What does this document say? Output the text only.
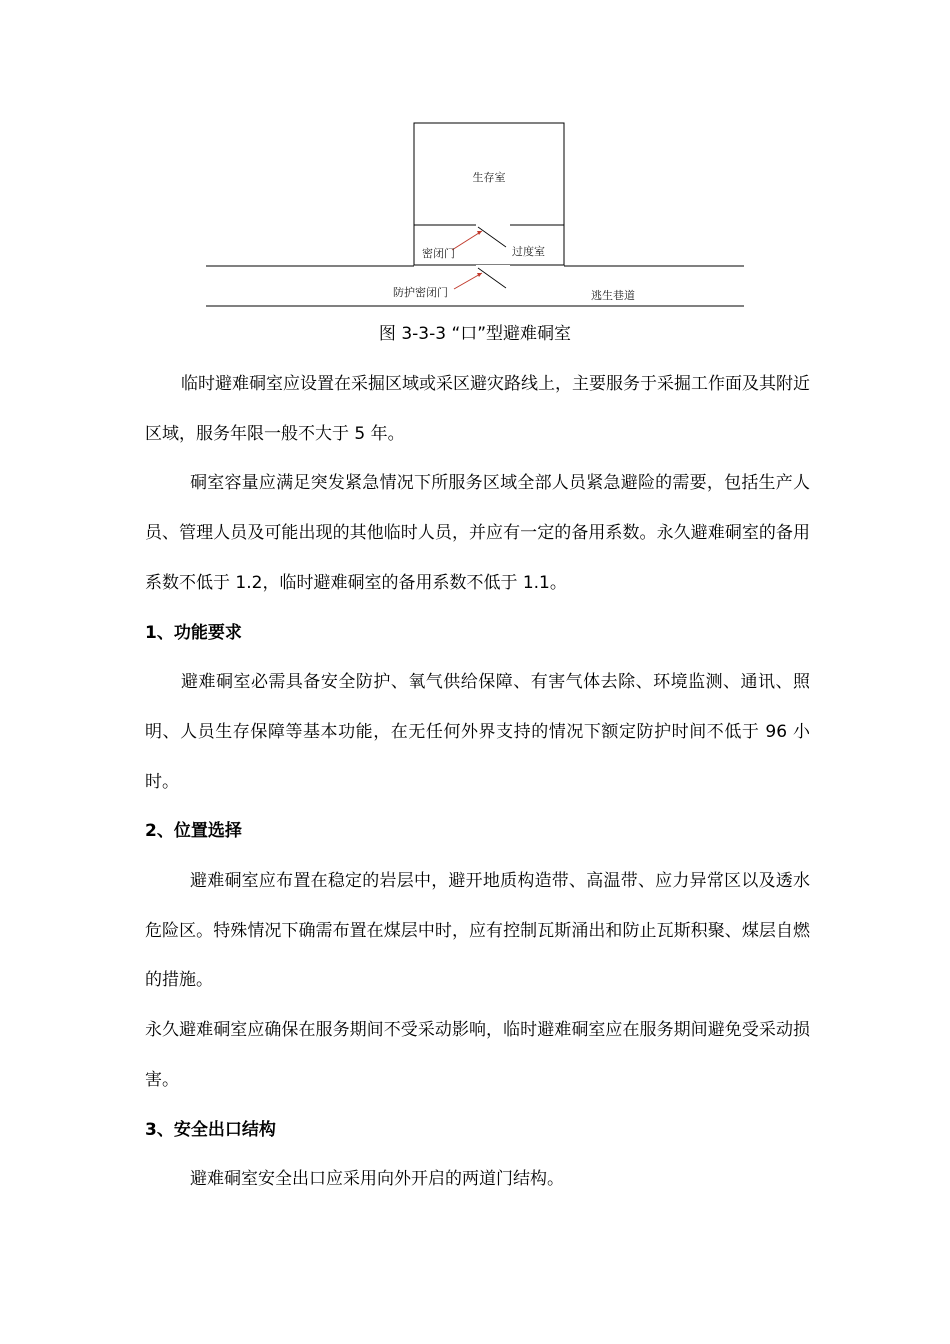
生存室
密闭门	过度室
防护密闭门	逃生巷道
图 3-3-3 “口”型避难硐室

临时避难硐室应设置在采掘区域或采区避灾路线上，主要服务于采掘工作面及其附近区域，服务年限一般不大于 5 年。

硐室容量应满足突发紧急情况下所服务区域全部人员紧急避险的需要，包括生产人员、管理人员及可能出现的其他临时人员，并应有一定的备用系数。永久避难硐室的备用系数不低于 1.2，临时避难硐室的备用系数不低于 1.1。

1、功能要求

避难硐室必需具备安全防护、氧气供给保障、有害气体去除、环境监测、通讯、照明、人员生存保障等基本功能，在无任何外界支持的情况下额定防护时间不低于 96 小时。

2、位置选择

避难硐室应布置在稳定的岩层中，避开地质构造带、高温带、应力异常区以及透水危险区。特殊情况下确需布置在煤层中时，应有控制瓦斯涌出和防止瓦斯积聚、煤层自燃的措施。

永久避难硐室应确保在服务期间不受采动影响，临时避难硐室应在服务期间避免受采动损害。

3、安全出口结构

避难硐室安全出口应采用向外开启的两道门结构。
